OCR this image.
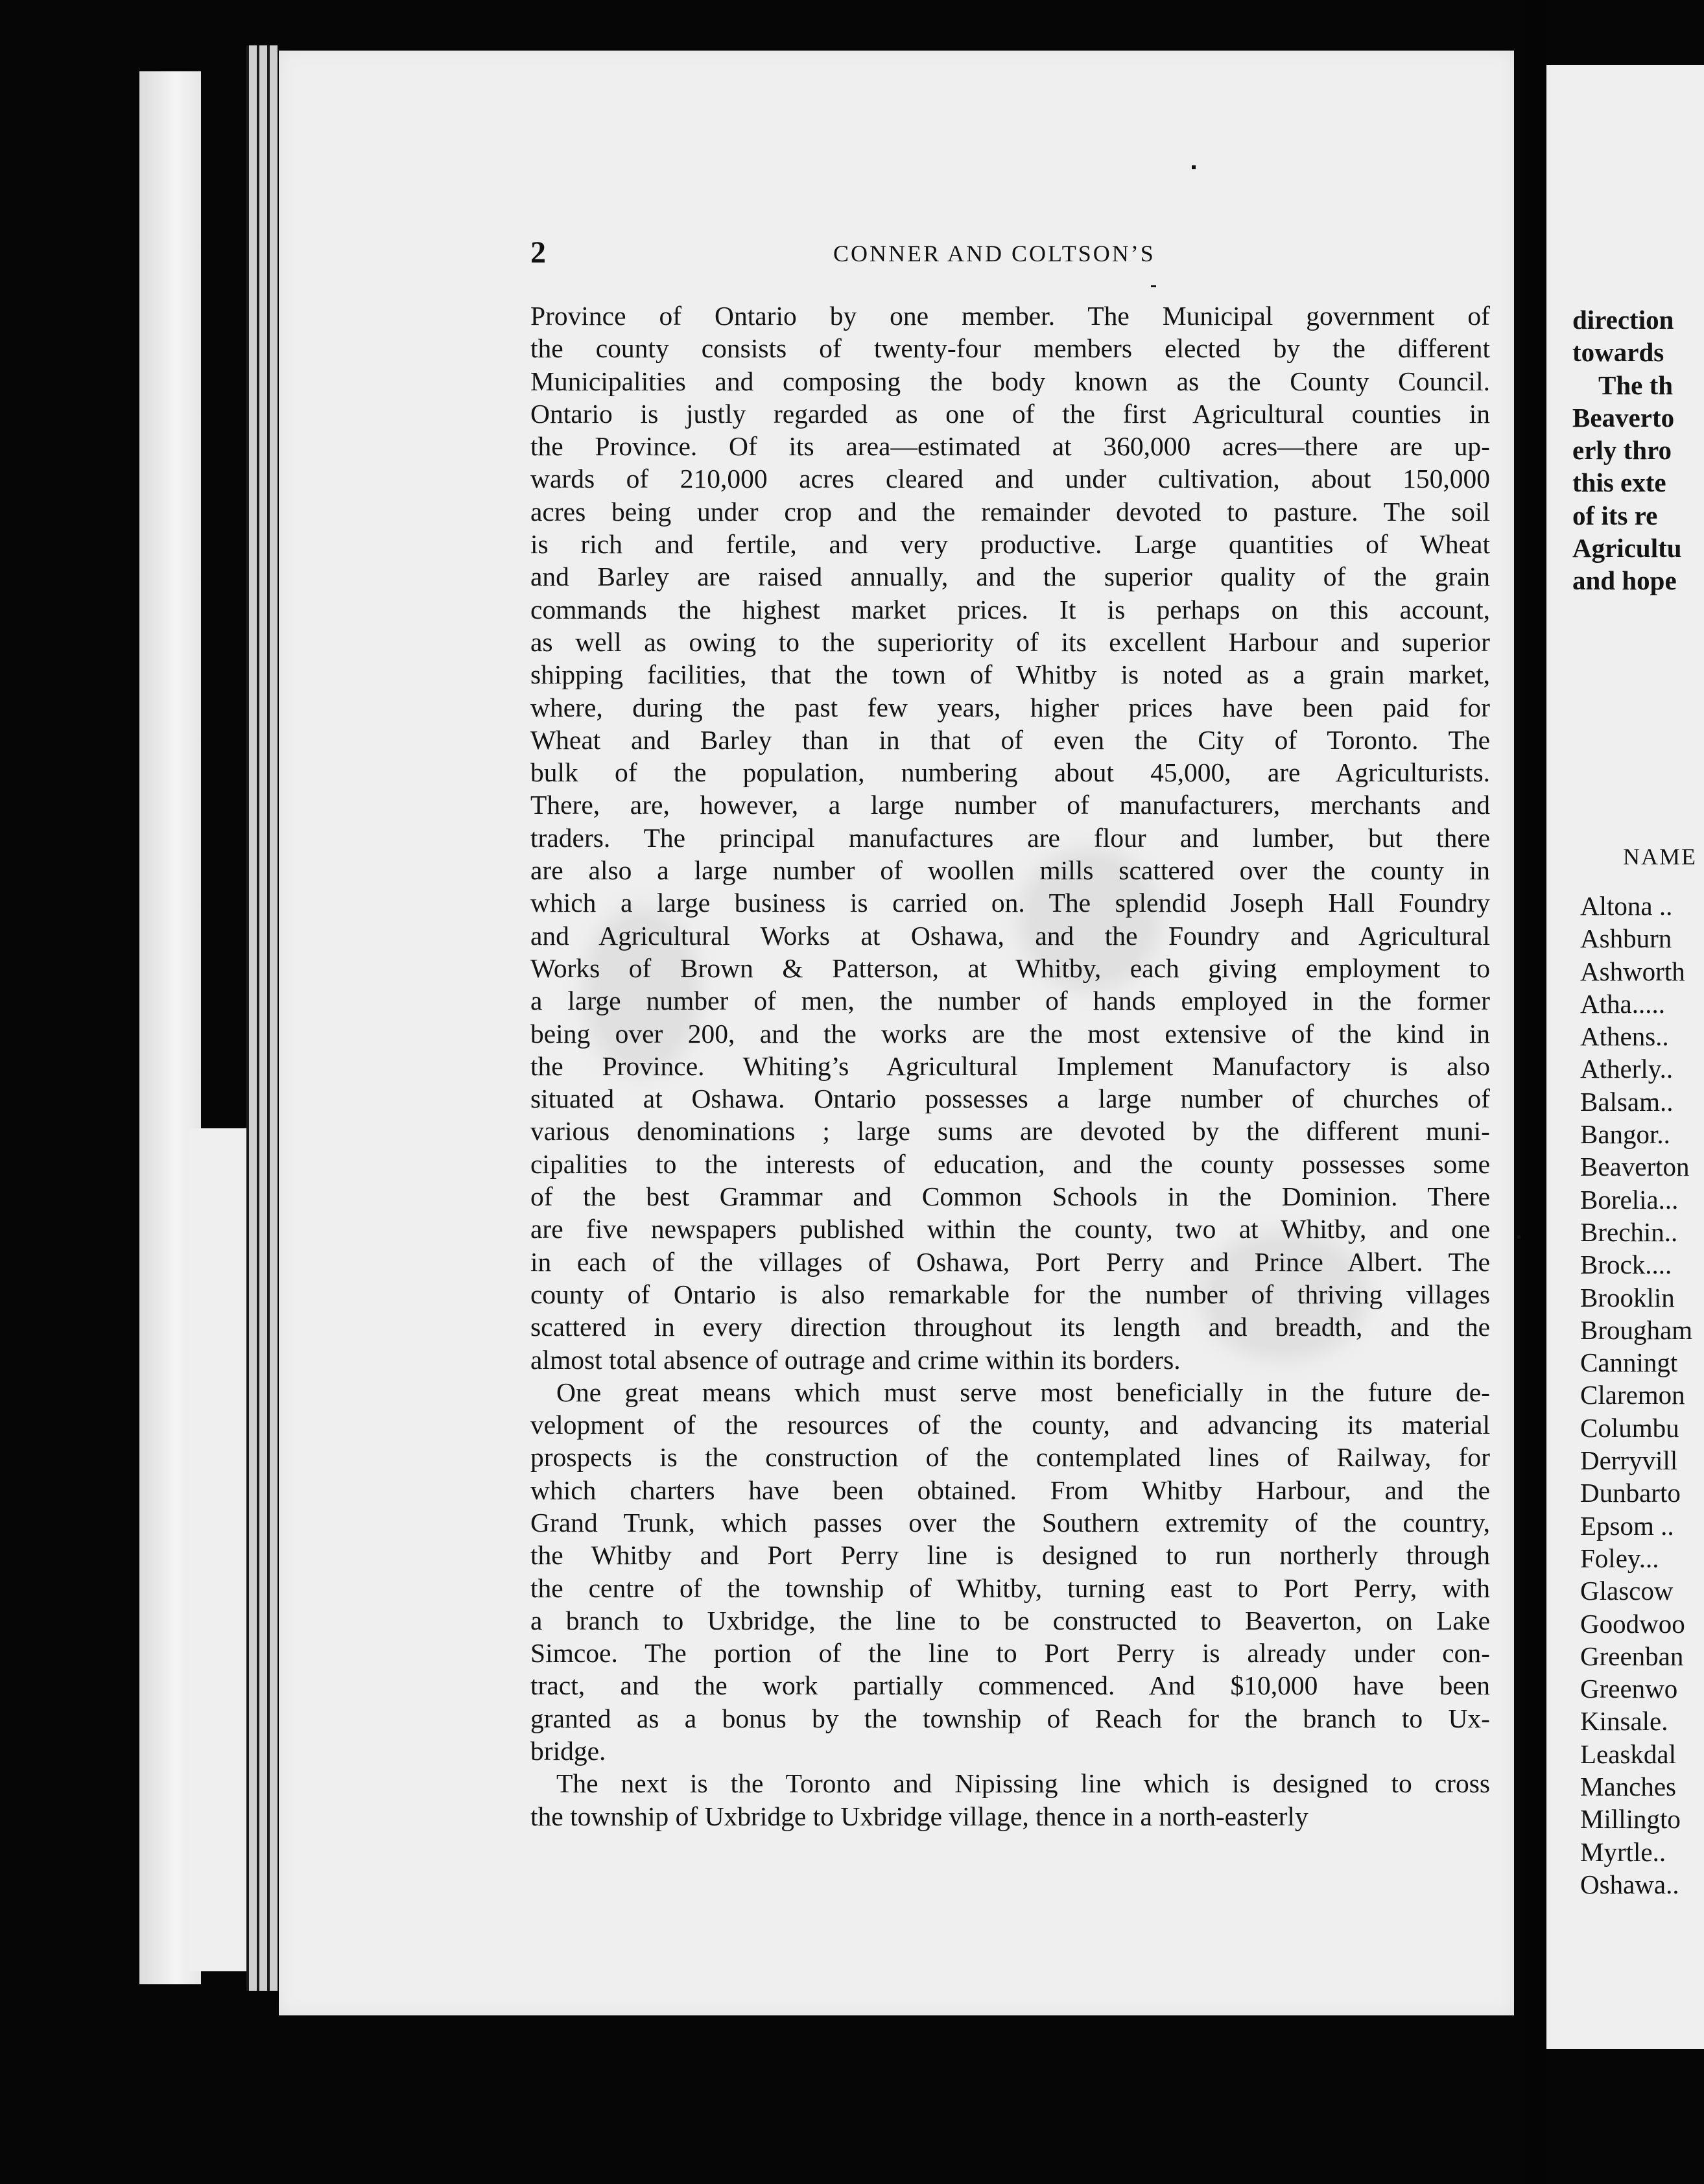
2	CONNER AND COLTSON’S
Province of Ontario by one member. The Municipal government of
the county consists of twenty-four members elected by the different
Municipalities and composing the body known as the County Council.
Ontario is justly regarded as one of the first Agricultural counties in
the Province. Of its area—estimated at 360,000 acres—there are up-
wards of 210,000 acres cleared and under cultivation, about 150,000
acres being under crop and the remainder devoted to pasture. The soil
is rich and fertile, and very productive. Large quantities of Wheat
and Barley are raised annually, and the superior quality of the grain
commands the highest market prices. It is perhaps on this account,
as well as owing to the superiority of its excellent Harbour and superior
shipping facilities, that the town of Whitby is noted as a grain market,
where, during the past few years, higher prices have been paid for
Wheat and Barley than in that of even the City of Toronto. The
bulk of the population, numbering about 45,000, are Agriculturists.
There, are, however, a large number of manufacturers, merchants and
traders. The principal manufactures are flour and lumber, but there
are also a large number of woollen mills scattered over the county in
which a large business is carried on. The splendid Joseph Hall Foundry
and Agricultural Works at Oshawa, and the Foundry and Agricultural
Works of Brown & Patterson, at Whitby, each giving employment to
a large number of men, the number of hands employed in the former
being over 200, and the works are the most extensive of the kind in
the Province. Whiting’s Agricultural Implement Manufactory is also
situated at Oshawa. Ontario possesses a large number of churches of
various denominations ; large sums are devoted by the different muni-
cipalities to the interests of education, and the county possesses some
of the best Grammar and Common Schools in the Dominion. There
are five newspapers published within the county, two at Whitby, and one
in each of the villages of Oshawa, Port Perry and Prince Albert. The
county of Ontario is also remarkable for the number of thriving villages
scattered in every direction throughout its length and breadth, and the
almost total absence of outrage and crime within its borders.
One great means which must serve most beneficially in the future de-
velopment of the resources of the county, and advancing its material
prospects is the construction of the contemplated lines of Railway, for
which charters have been obtained. From Whitby Harbour, and the
Grand Trunk, which passes over the Southern extremity of the country,
the Whitby and Port Perry line is designed to run northerly through
the centre of the township of Whitby, turning east to Port Perry, with
a branch to Uxbridge, the line to be constructed to Beaverton, on Lake
Simcoe. The portion of the line to Port Perry is already under con-
tract, and the work partially commenced. And $10,000 have been
granted as a bonus by the township of Reach for the branch to Ux-
bridge.
The next is the Toronto and Nipissing line which is designed to cross
the township of Uxbridge to Uxbridge village, thence in a north-easterly
direction
towards
The th
Beaverto
erly thro
this exte
of its re
Agricultu
and hope
NAME
Altona ..
Ashburn
Ashworth
Atha.....
Athens..
Atherly..
Balsam..
Bangor..
Beaverton
Borelia...
Brechin..
Brock....
Brooklin
Brougham
Canningt
Claremon
Columbu
Derryvill
Dunbarto
Epsom ..
Foley...
Glascow
Goodwoo
Greenban
Greenwo
Kinsale.
Leaskdal
Manches
Millingto
Myrtle..
Oshawa..
